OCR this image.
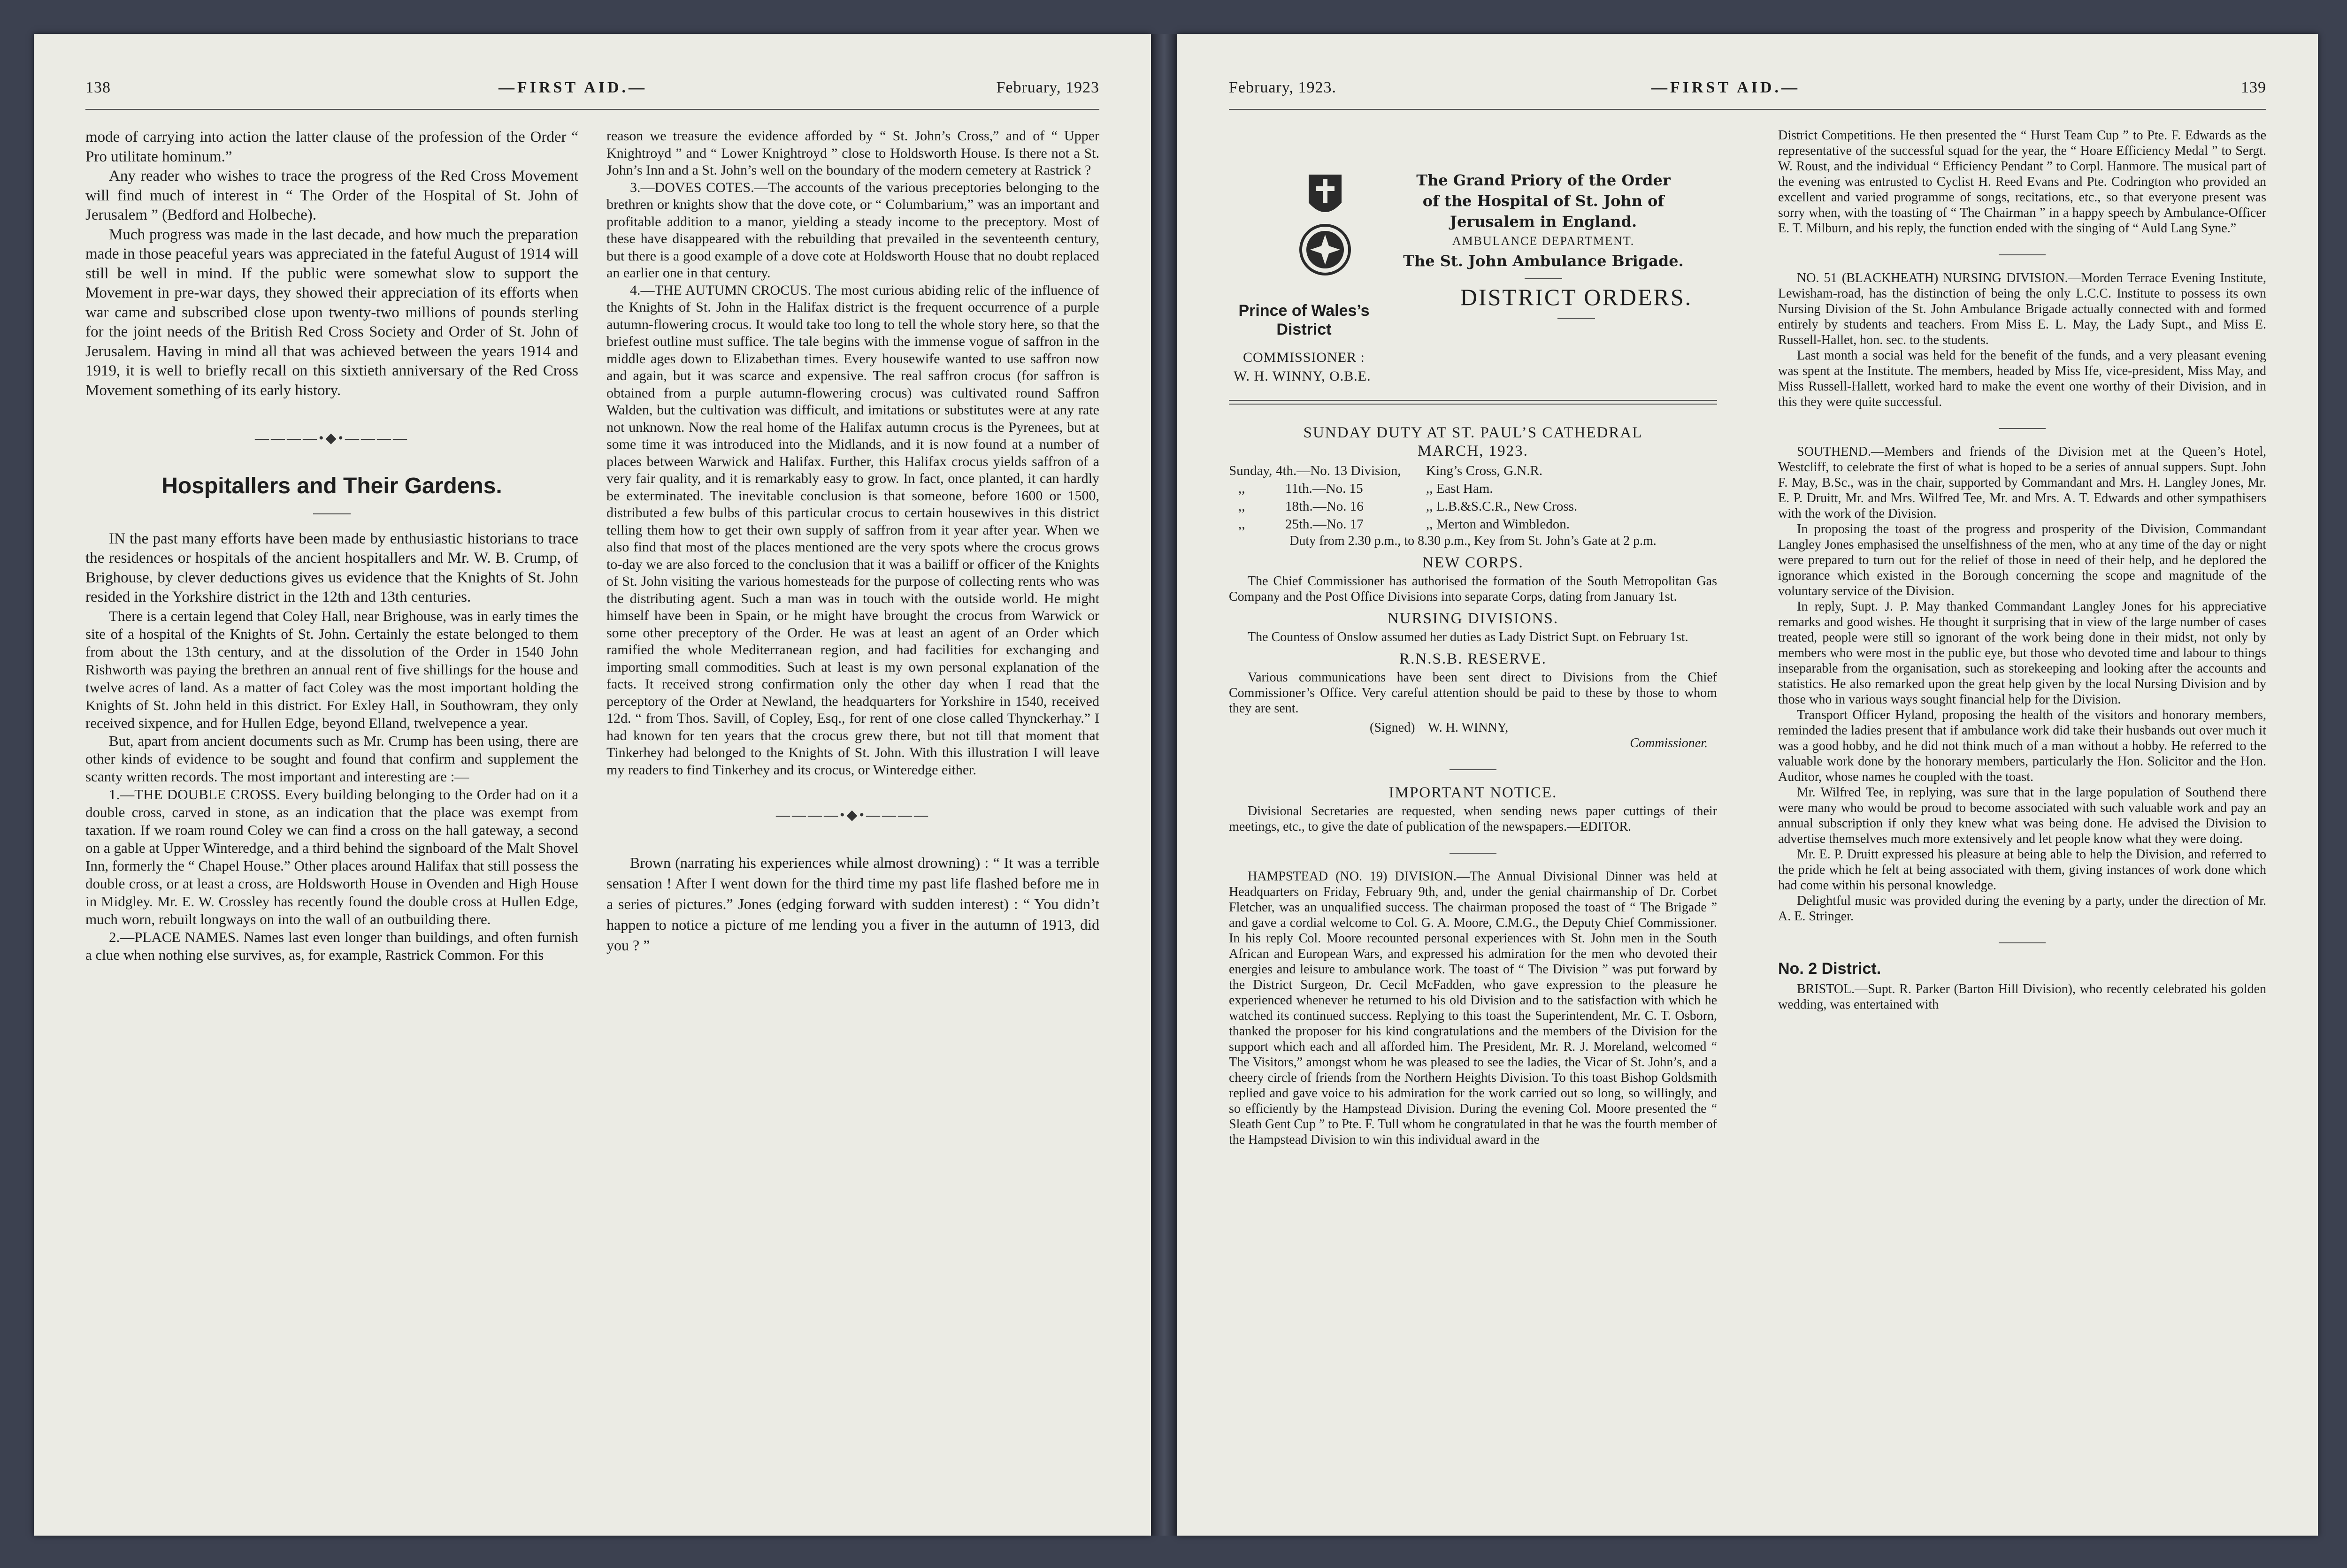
138	—FIRST AID.—	February, 1923

mode of carrying into action the latter clause of the profession of the Order “ Pro utilitate hominum.”

Any reader who wishes to trace the progress of the Red Cross Movement will find much of interest in “ The Order of the Hospital of St. John of Jerusalem ” (Bedford and Holbeche).

Much progress was made in the last decade, and how much the preparation made in those peaceful years was appreciated in the fateful August of 1914 will still be well in mind. If the public were somewhat slow to support the Movement in pre-war days, they showed their appreciation of its efforts when war came and subscribed close upon twenty-two millions of pounds sterling for the joint needs of the British Red Cross Society and Order of St. John of Jerusalem. Having in mind all that was achieved between the years 1914 and 1919, it is well to briefly recall on this sixtieth anniversary of the Red Cross Movement something of its early history.

————•◆•————
Hospitallers and Their Gardens.

IN the past many efforts have been made by enthusiastic historians to trace the residences or hospitals of the ancient hospitallers and Mr. W. B. Crump, of Brighouse, by clever deductions gives us evidence that the Knights of St. John resided in the Yorkshire district in the 12th and 13th centuries.

There is a certain legend that Coley Hall, near Brighouse, was in early times the site of a hospital of the Knights of St. John. Certainly the estate belonged to them from about the 13th century, and at the dissolution of the Order in 1540 John Rishworth was paying the brethren an annual rent of five shillings for the house and twelve acres of land. As a matter of fact Coley was the most important holding the Knights of St. John held in this district. For Exley Hall, in Southowram, they only received sixpence, and for Hullen Edge, beyond Elland, twelvepence a year.

But, apart from ancient documents such as Mr. Crump has been using, there are other kinds of evidence to be sought and found that confirm and supplement the scanty written records. The most important and interesting are :—

1.—THE DOUBLE CROSS. Every building belonging to the Order had on it a double cross, carved in stone, as an indication that the place was exempt from taxation. If we roam round Coley we can find a cross on the hall gateway, a second on a gable at Upper Winteredge, and a third behind the signboard of the Malt Shovel Inn, formerly the “ Chapel House.” Other places around Halifax that still possess the double cross, or at least a cross, are Holdsworth House in Ovenden and High House in Midgley. Mr. E. W. Crossley has recently found the double cross at Hullen Edge, much worn, rebuilt longways on into the wall of an outbuilding there.

2.—PLACE NAMES. Names last even longer than buildings, and often furnish a clue when nothing else survives, as, for example, Rastrick Common. For this

reason we treasure the evidence afforded by “ St. John’s Cross,” and of “ Upper Knightroyd ” and “ Lower Knightroyd ” close to Holdsworth House. Is there not a St. John’s Inn and a St. John’s well on the boundary of the modern cemetery at Rastrick ?

3.—DOVES COTES.—The accounts of the various preceptories belonging to the brethren or knights show that the dove cote, or “ Columbarium,” was an important and profitable addition to a manor, yielding a steady income to the preceptory. Most of these have disappeared with the rebuilding that prevailed in the seventeenth century, but there is a good example of a dove cote at Holdsworth House that no doubt replaced an earlier one in that century.

4.—THE AUTUMN CROCUS. The most curious abiding relic of the influence of the Knights of St. John in the Halifax district is the frequent occurrence of a purple autumn-flowering crocus. It would take too long to tell the whole story here, so that the briefest outline must suffice. The tale begins with the immense vogue of saffron in the middle ages down to Elizabethan times. Every housewife wanted to use saffron now and again, but it was scarce and expensive. The real saffron crocus (for saffron is obtained from a purple autumn-flowering crocus) was cultivated round Saffron Walden, but the cultivation was difficult, and imitations or substitutes were at any rate not unknown. Now the real home of the Halifax autumn crocus is the Pyrenees, but at some time it was introduced into the Midlands, and it is now found at a number of places between Warwick and Halifax. Further, this Halifax crocus yields saffron of a very fair quality, and it is remarkably easy to grow. In fact, once planted, it can hardly be exterminated. The inevitable conclusion is that someone, before 1600 or 1500, distributed a few bulbs of this particular crocus to certain housewives in this district telling them how to get their own supply of saffron from it year after year. When we also find that most of the places mentioned are the very spots where the crocus grows to-day we are also forced to the conclusion that it was a bailiff or officer of the Knights of St. John visiting the various homesteads for the purpose of collecting rents who was the distributing agent. Such a man was in touch with the outside world. He might himself have been in Spain, or he might have brought the crocus from Warwick or some other preceptory of the Order. He was at least an agent of an Order which ramified the whole Mediterranean region, and had facilities for exchanging and importing small commodities. Such at least is my own personal explanation of the facts. It received strong confirmation only the other day when I read that the perceptory of the Order at Newland, the headquarters for Yorkshire in 1540, received 12d. “ from Thos. Savill, of Copley, Esq., for rent of one close called Thynckerhay.” I had known for ten years that the crocus grew there, but not till that moment that Tinkerhey had belonged to the Knights of St. John. With this illustration I will leave my readers to find Tinkerhey and its crocus, or Winteredge either.

————•◆•————

Brown (narrating his experiences while almost drowning) : “ It was a terrible sensation ! After I went down for the third time my past life flashed before me in a series of pictures.” Jones (edging forward with sudden interest) : “ You didn’t happen to notice a picture of me lending you a fiver in the autumn of 1913, did you ? ”

February, 1923.	—FIRST AID.—	139
The Grand Priory of the Order
of the Hospital of St. John of
Jerusalem in England.
AMBULANCE DEPARTMENT.
The St. John Ambulance Brigade.
DISTRICT ORDERS.
Prince of Wales’s
District
COMMISSIONER :
W. H. WINNY, O.B.E.
SUNDAY DUTY AT ST. PAUL’S CATHEDRAL
MARCH, 1923.
Sunday, 4th.—No. 13 Division,	King’s Cross, G.N.R.
,,	11th.—No. 15	,, East Ham.
,,	18th.—No. 16	,, L.B.&S.C.R., New Cross.
,,	25th.—No. 17	,, Merton and Wimbledon.

Duty from 2.30 p.m., to 8.30 p.m., Key from St. John’s Gate at 2 p.m.

NEW CORPS.

The Chief Commissioner has authorised the formation of the South Metropolitan Gas Company and the Post Office Divisions into separate Corps, dating from January 1st.

NURSING DIVISIONS.

The Countess of Onslow assumed her duties as Lady District Supt. on February 1st.

R.N.S.B. RESERVE.

Various communications have been sent direct to Divisions from the Chief Commissioner’s Office. Very careful attention should be paid to these by those to whom they are sent.

(Signed)    W. H. WINNY,
Commissioner.
IMPORTANT NOTICE.

Divisional Secretaries are requested, when sending news paper cuttings of their meetings, etc., to give the date of publication of the newspapers.—EDITOR.

HAMPSTEAD (NO. 19) DIVISION.—The Annual Divisional Dinner was held at Headquarters on Friday, February 9th, and, under the genial chairmanship of Dr. Corbet Fletcher, was an unqualified success. The chairman proposed the toast of “ The Brigade ” and gave a cordial welcome to Col. G. A. Moore, C.M.G., the Deputy Chief Commissioner. In his reply Col. Moore recounted personal experiences with St. John men in the South African and European Wars, and expressed his admiration for the men who devoted their energies and leisure to ambulance work. The toast of “ The Division ” was put forward by the District Surgeon, Dr. Cecil McFadden, who gave expression to the pleasure he experienced whenever he returned to his old Division and to the satisfaction with which he watched its continued success. Replying to this toast the Superintendent, Mr. C. T. Osborn, thanked the proposer for his kind congratulations and the members of the Division for the support which each and all afforded him. The President, Mr. R. J. Moreland, welcomed “ The Visitors,” amongst whom he was pleased to see the ladies, the Vicar of St. John’s, and a cheery circle of friends from the Northern Heights Division. To this toast Bishop Goldsmith replied and gave voice to his admiration for the work carried out so long, so willingly, and so efficiently by the Hampstead Division. During the evening Col. Moore presented the “ Sleath Gent Cup ” to Pte. F. Tull whom he congratulated in that he was the fourth member of the Hampstead Division to win this individual award in the

District Competitions. He then presented the “ Hurst Team Cup ” to Pte. F. Edwards as the representative of the successful squad for the year, the “ Hoare Efficiency Medal ” to Sergt. W. Roust, and the individual “ Efficiency Pendant ” to Corpl. Hanmore. The musical part of the evening was entrusted to Cyclist H. Reed Evans and Pte. Codrington who provided an excellent and varied programme of songs, recitations, etc., so that everyone present was sorry when, with the toasting of “ The Chairman ” in a happy speech by Ambulance-Officer E. T. Milburn, and his reply, the function ended with the singing of “ Auld Lang Syne.”

NO. 51 (BLACKHEATH) NURSING DIVISION.—Morden Terrace Evening Institute, Lewisham-road, has the distinction of being the only L.C.C. Institute to possess its own Nursing Division of the St. John Ambulance Brigade actually connected with and formed entirely by students and teachers. From Miss E. L. May, the Lady Supt., and Miss E. Russell-Hallet, hon. sec. to the students.

Last month a social was held for the benefit of the funds, and a very pleasant evening was spent at the Institute. The members, headed by Miss Ife, vice-president, Miss May, and Miss Russell-Hallett, worked hard to make the event one worthy of their Division, and in this they were quite successful.

SOUTHEND.—Members and friends of the Division met at the Queen’s Hotel, Westcliff, to celebrate the first of what is hoped to be a series of annual suppers. Supt. John F. May, B.Sc., was in the chair, supported by Commandant and Mrs. H. Langley Jones, Mr. E. P. Druitt, Mr. and Mrs. Wilfred Tee, Mr. and Mrs. A. T. Edwards and other sympathisers with the work of the Division.

In proposing the toast of the progress and prosperity of the Division, Commandant Langley Jones emphasised the unselfishness of the men, who at any time of the day or night were prepared to turn out for the relief of those in need of their help, and he deplored the ignorance which existed in the Borough concerning the scope and magnitude of the voluntary service of the Division.

In reply, Supt. J. P. May thanked Commandant Langley Jones for his appreciative remarks and good wishes. He thought it surprising that in view of the large number of cases treated, people were still so ignorant of the work being done in their midst, not only by members who were most in the public eye, but those who devoted time and labour to things inseparable from the organisation, such as storekeeping and looking after the accounts and statistics. He also remarked upon the great help given by the local Nursing Division and by those who in various ways sought financial help for the Division.

Transport Officer Hyland, proposing the health of the visitors and honorary members, reminded the ladies present that if ambulance work did take their husbands out over much it was a good hobby, and he did not think much of a man without a hobby. He referred to the valuable work done by the honorary members, particularly the Hon. Solicitor and the Hon. Auditor, whose names he coupled with the toast.

Mr. Wilfred Tee, in replying, was sure that in the large population of Southend there were many who would be proud to become associated with such valuable work and pay an annual subscription if only they knew what was being done. He advised the Division to advertise themselves much more extensively and let people know what they were doing.

Mr. E. P. Druitt expressed his pleasure at being able to help the Division, and referred to the pride which he felt at being associated with them, giving instances of work done which had come within his personal knowledge.

Delightful music was provided during the evening by a party, under the direction of Mr. A. E. Stringer.

No. 2 District.

BRISTOL.—Supt. R. Parker (Barton Hill Division), who recently celebrated his golden wedding, was entertained with
